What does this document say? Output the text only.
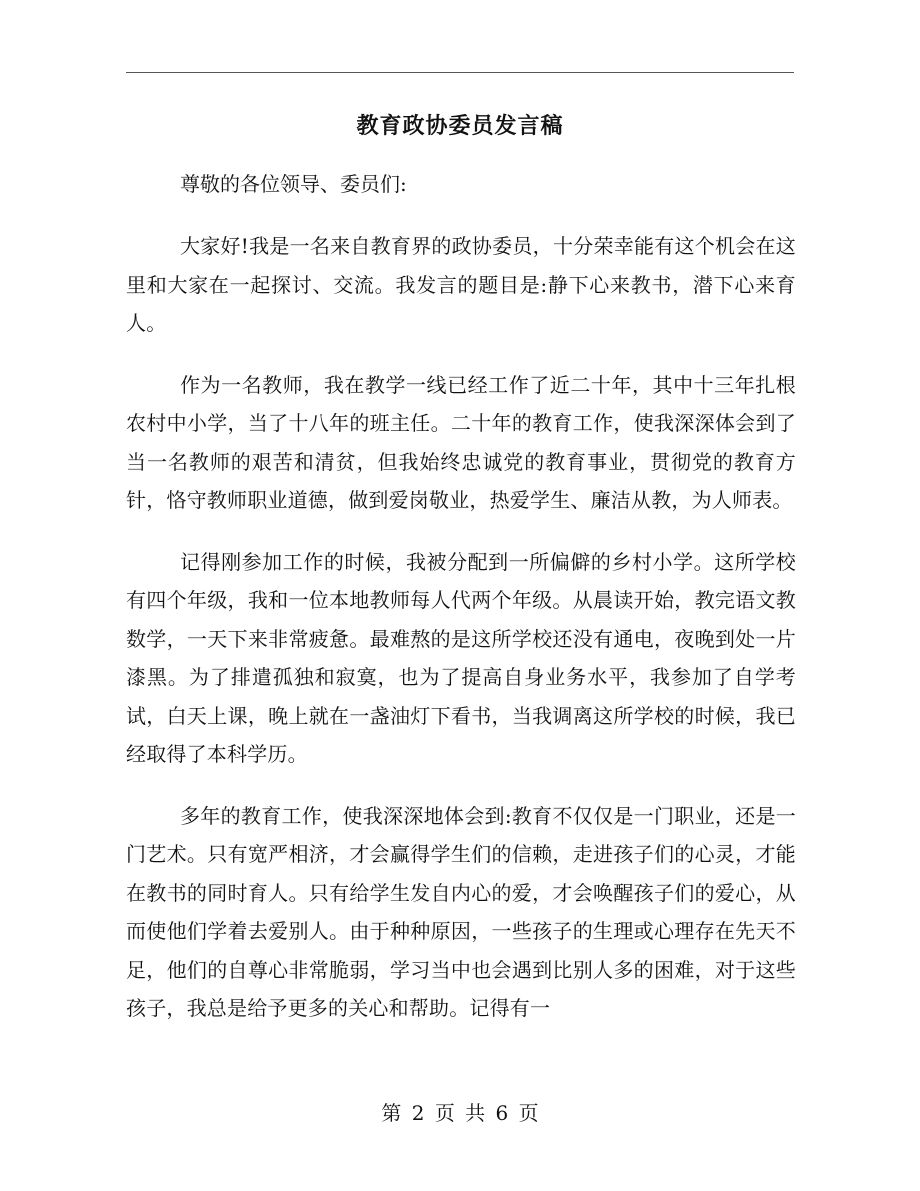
教育政协委员发言稿

尊敬的各位领导、委员们:

大家好!我是一名来自教育界的政协委员，十分荣幸能有这个机会在这里和大家在一起探讨、交流。我发言的题目是:静下心来教书，潜下心来育人。

作为一名教师，我在教学一线已经工作了近二十年，其中十三年扎根农村中小学，当了十八年的班主任。二十年的教育工作，使我深深体会到了当一名教师的艰苦和清贫，但我始终忠诚党的教育事业，贯彻党的教育方针，恪守教师职业道德，做到爱岗敬业，热爱学生、廉洁从教，为人师表。

记得刚参加工作的时候，我被分配到一所偏僻的乡村小学。这所学校有四个年级，我和一位本地教师每人代两个年级。从晨读开始，教完语文教数学，一天下来非常疲惫。最难熬的是这所学校还没有通电，夜晚到处一片漆黑。为了排遣孤独和寂寞，也为了提高自身业务水平，我参加了自学考试，白天上课，晚上就在一盏油灯下看书，当我调离这所学校的时候，我已经取得了本科学历。

多年的教育工作，使我深深地体会到:教育不仅仅是一门职业，还是一门艺术。只有宽严相济，才会赢得学生们的信赖，走进孩子们的心灵，才能在教书的同时育人。只有给学生发自内心的爱，才会唤醒孩子们的爱心，从而使他们学着去爱别人。由于种种原因，一些孩子的生理或心理存在先天不足，他们的自尊心非常脆弱，学习当中也会遇到比别人多的困难，对于这些孩子，我总是给予更多的关心和帮助。记得有一

第 2 页 共 6 页
